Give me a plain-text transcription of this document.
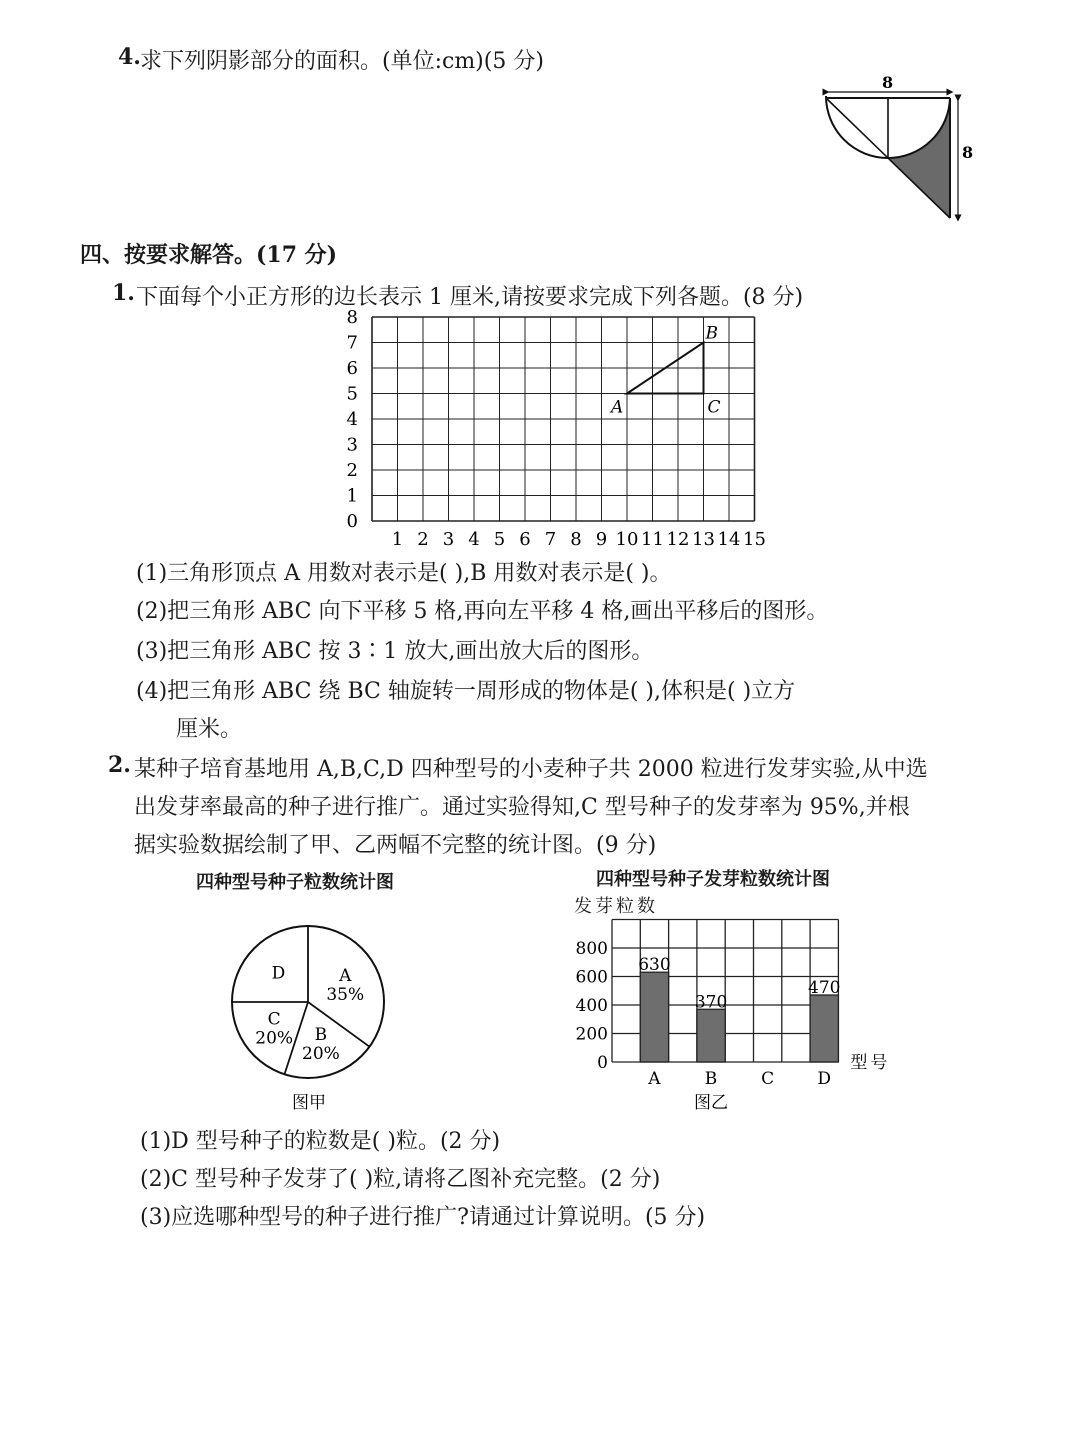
4. 求下列阴影部分的面积。(单位:cm)(5 分)
8
8
四、按要求解答。(17 分)
1. 下面每个小正方形的边长表示 1 厘米,请按要求完成下列各题。(8 分)
8
7
6
5
4
3
2
1
0
1 2 3 4 5 6 7 8 9 10 11 12 13 14 15
A
B
C
(1)三角形顶点 A 用数对表示是( ),B 用数对表示是( )。
(2)把三角形 ABC 向下平移 5 格,再向左平移 4 格,画出平移后的图形。
(3)把三角形 ABC 按 3∶1 放大,画出放大后的图形。
(4)把三角形 ABC 绕 BC 轴旋转一周形成的物体是( ),体积是( )立方
厘米。
2. 某种子培育基地用 A,B,C,D 四种型号的小麦种子共 2000 粒进行发芽实验,从中选
出发芽率最高的种子进行推广。通过实验得知,C 型号种子的发芽率为 95%,并根
据实验数据绘制了甲、乙两幅不完整的统计图。(9 分)
四种型号种子粒数统计图
A
35%
B
20%
C
20%
D
图甲
四种型号种子发芽粒数统计图
发芽粒数
800
600
400
200
0
630
A
370
B	C
470
D
型号
图乙
(1)D 型号种子的粒数是( )粒。(2 分)
(2)C 型号种子发芽了( )粒,请将乙图补充完整。(2 分)
(3)应选哪种型号的种子进行推广?请通过计算说明。(5 分)
